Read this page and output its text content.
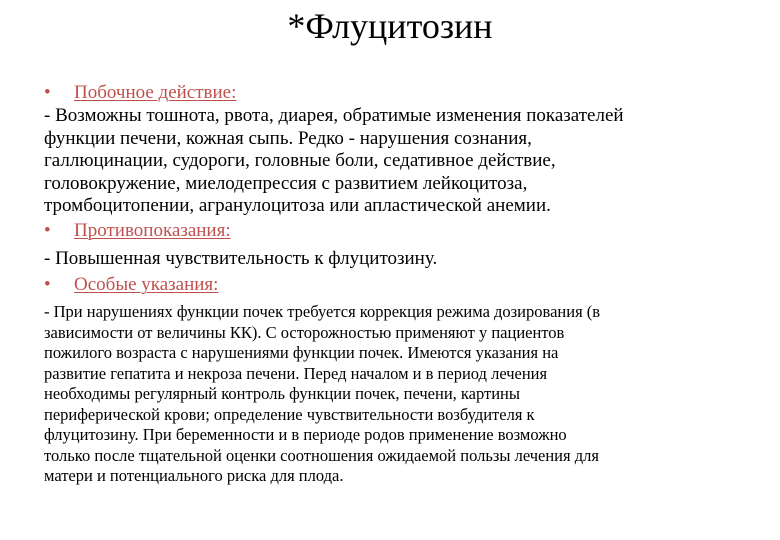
*Флуцитозин
• Побочное действие:
- Возможны тошнота, рвота, диарея, обратимые изменения показателей
функции печени, кожная сыпь. Редко - нарушения сознания,
галлюцинации, судороги, головные боли, седативное действие,
головокружение, миелодепрессия с развитием лейкоцитоза,
тромбоцитопении, агранулоцитоза или апластической анемии.
• Противопоказания:
- Повышенная чувствительность к флуцитозину.
• Особые указания:
- При нарушениях функции почек требуется коррекция режима дозирования (в
зависимости от величины КК). С осторожностью применяют у пациентов
пожилого возраста с нарушениями функции почек. Имеются указания на
развитие гепатита и некроза печени. Перед началом и в период лечения
необходимы регулярный контроль функции почек, печени, картины
периферической крови; определение чувствительности возбудителя к
флуцитозину. При беременности и в периоде родов применение возможно
только после тщательной оценки соотношения ожидаемой пользы лечения для
матери и потенциального риска для плода.
